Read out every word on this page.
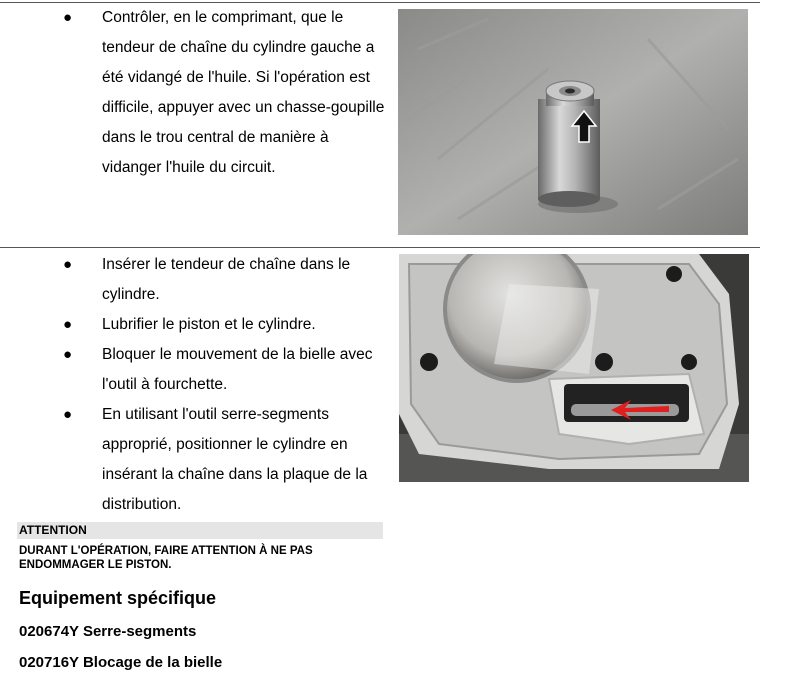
● Contrôler, en le comprimant, que le tendeur de chaîne du cylindre gauche a été vidangé de l'huile. Si l'opération est difficile, appuyer avec un chasse-goupille dans le trou central de manière à vidanger l'huile du circuit.
● Insérer le tendeur de chaîne dans le cylindre.
● Lubrifier le piston et le cylindre.
● Bloquer le mouvement de la bielle avec l'outil à fourchette.
● En utilisant l'outil serre-segments approprié, positionner le cylindre en insérant la chaîne dans la plaque de la distribution.
ATTENTION
DURANT L'OPÉRATION, FAIRE ATTENTION À NE PAS ENDOMMAGER LE PISTON.
Equipement spécifique
020674Y Serre-segments
020716Y Blocage de la bielle
